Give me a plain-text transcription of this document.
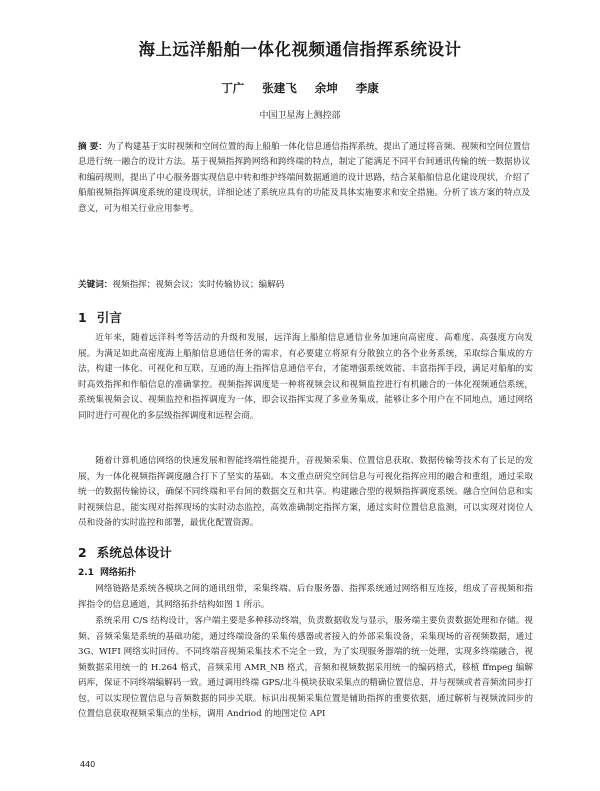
海上远洋船舶一体化视频通信指挥系统设计
丁广 张建飞 余坤 李康
中国卫星海上测控部
摘 要：为了构建基于实时视频和空间位置的海上船舶一体化信息通信指挥系统，提出了通过将音频、视频和空间位置信息进行统一融合的设计方法。基于视频指挥跨网络和跨终端的特点，制定了能满足不同平台间通讯传输的统一数据协议和编码规则，提出了中心服务器实现信息中转和维护终端间数据通道的设计思路，结合某船舶信息化建设现状，介绍了船舶视频指挥调度系统的建设现状，详细论述了系统应具有的功能及具体实施要求和安全措施。分析了该方案的特点及意义，可为相关行业应用参考。
关键词：视频指挥；视频会议；实时传输协议；编解码
1 引言
近年来，随着远洋科考等活动的升级和发展，远洋海上船舶信息通信业务加速向高密度、高难度、高强度方向发展。为满足如此高密度海上船舶信息通信任务的需求，有必要建立将原有分散独立的各个业务系统，采取综合集成的方法，构建一体化、可视化和互联、互通的海上指挥信息通信平台，才能增强系统效能、丰富指挥手段，满足对船舶的实时高效指挥和作船信息的准确掌控。视频指挥调度是一种将视频会议和视频监控进行有机融合的一体化视频通信系统，系统集视频会议、视频监控和指挥调度为一体，即会议指挥实现了多业务集成，能够让多个用户在不同地点，通过网络同时进行可视化的多层级指挥调度和远程会商。
随着计算机通信网络的快速发展和智能终端性能提升，音视频采集、位置信息获取、数据传输等技术有了长足的发展，为一体化视频指挥调度融合打下了坚实的基础。本文重点研究空间信息与可视化指挥应用的融合和重组，通过采取统一的数据传输协议，确保不同终端和平台间的数据交互和共享。构建融合型的视频指挥调度系统。融合空间信息和实时视频信息，能实现对指挥现场的实时动态监控，高效准确制定指挥方案，通过实时位置信息监测，可以实现对岗位人员和设备的实时监控和部署，最优化配置资源。
2 系统总体设计
2.1 网络拓扑
网络链路是系统各模块之间的通讯纽带，采集终端、后台服务器、指挥系统通过网络相互连接，组成了音视频和指挥指令的信息通道，其网络拓扑结构如图 1 所示。
系统采用 C/S 结构设计，客户端主要是多种移动终端，负责数据收发与显示，服务端主要负责数据处理和存储。视频、音频采集是系统的基础功能，通过终端设备的采集传感器或者接入的外部采集设备，采集现场的音视频数据，通过 3G、WIFI 网络实时回传。不同终端音视频采集技术不完全一致，为了实现服务器端的统一处理，实现多终端融合，视频数据采用统一的 H.264 格式，音频采用 AMR_NB 格式，音频和视频数据采用统一的编码格式，移植 ffmpeg 编解码库，保证不同终端编解码一致。通过调用终端 GPS/北斗模块获取采集点的精确位置信息，并与视频或者音频流同步打包，可以实现位置信息与音频数据的同步关联。标识出视频采集位置是辅助指挥的重要依据，通过解析与视频流同步的位置信息获取视频采集点的坐标，调用 Andriod 的地图定位 API
440
